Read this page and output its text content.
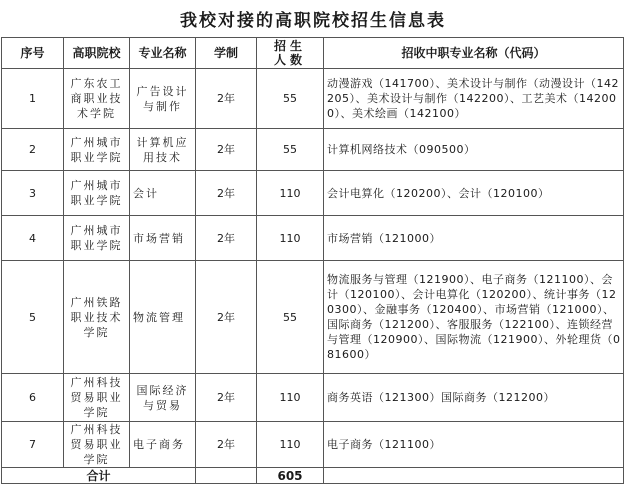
我校对接的高职院校招生信息表
序号	高职院校	专业名称	学制	招生人数	招收中职专业名称（代码）
1	广东农工商职业技术学院	广告设计与制作	2年	55	动漫游戏（141700）、美术设计与制作（动漫设计（142205）、美术设计与制作（142200）、工艺美术（142000）、美术绘画（142100）
2	广州城市职业学院	计算机应用技术	2年	55	计算机网络技术（090500）
3	广州城市职业学院	会计	2年	110	会计电算化（120200）、会计（120100）
4	广州城市职业学院	市场营销	2年	110	市场营销（121000）
5	广州铁路职业技术学院	物流管理	2年	55	物流服务与管理（121900）、电子商务（121100）、会计（120100）、会计电算化（120200）、统计事务（120300）、金融事务（120400）、市场营销（121000）、国际商务（121200）、客服服务（122100）、连锁经营与管理（120900）、国际物流（121900）、外轮理货（081600）
6	广州科技贸易职业学院	国际经济与贸易	2年	110	商务英语（121300）国际商务（121200）
7	广州科技贸易职业学院	电子商务	2年	110	电子商务（121100）
合计				605	
